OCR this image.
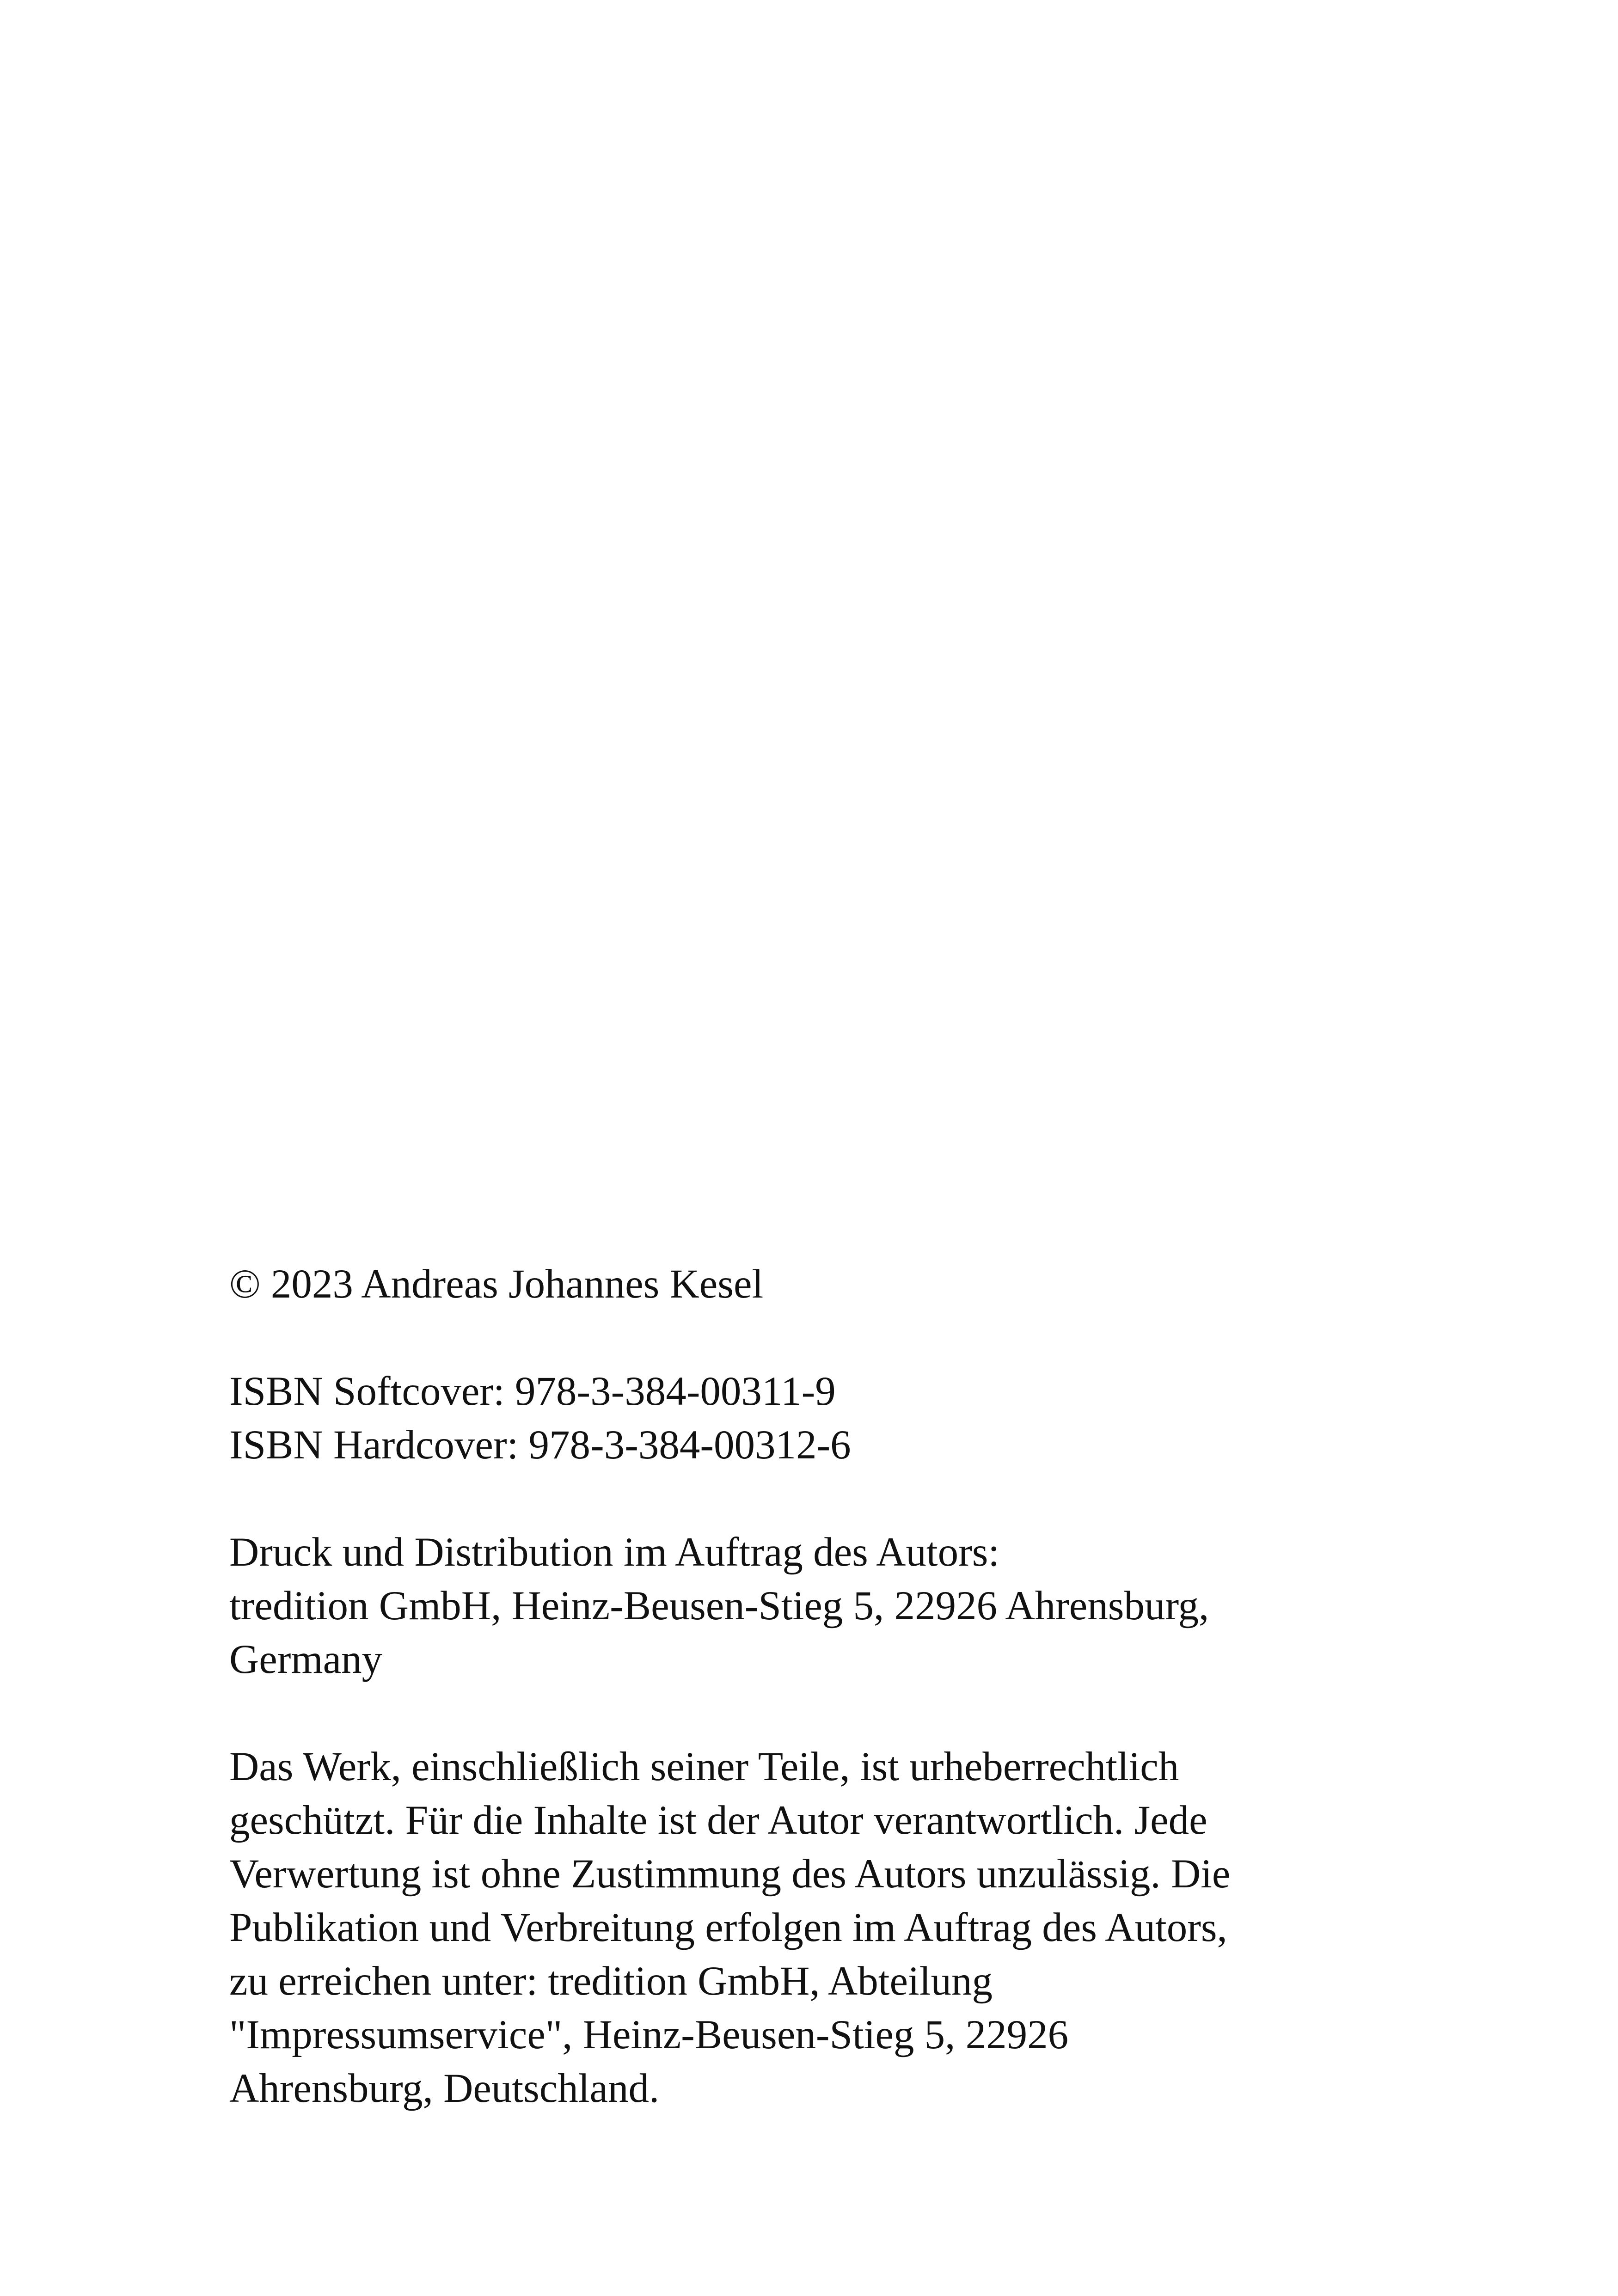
© 2023 Andreas Johannes Kesel
ISBN Softcover: 978-3-384-00311-9
ISBN Hardcover: 978-3-384-00312-6
Druck und Distribution im Auftrag des Autors:
tredition GmbH, Heinz-Beusen-Stieg 5, 22926 Ahrensburg,
Germany
Das Werk, einschließlich seiner Teile, ist urheberrechtlich
geschützt. Für die Inhalte ist der Autor verantwortlich. Jede
Verwertung ist ohne Zustimmung des Autors unzulässig. Die
Publikation und Verbreitung erfolgen im Auftrag des Autors,
zu erreichen unter: tredition GmbH, Abteilung
"Impressumservice", Heinz-Beusen-Stieg 5, 22926
Ahrensburg, Deutschland.
